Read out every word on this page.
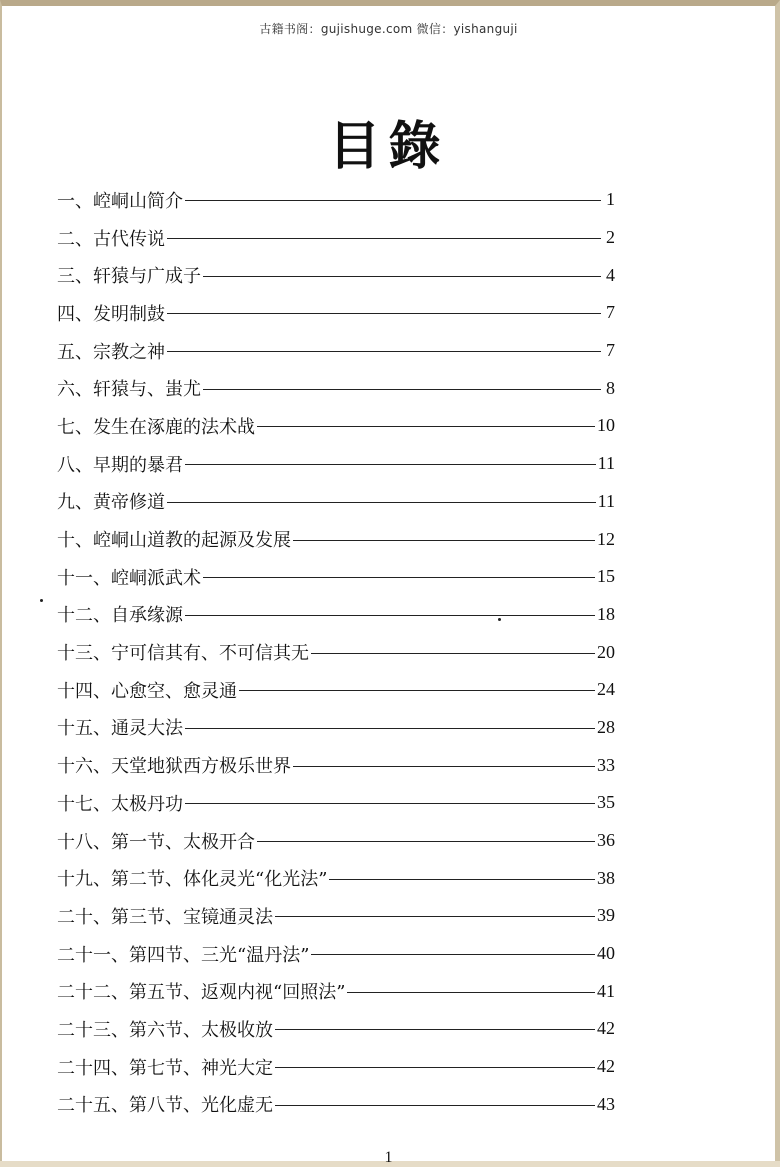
古籍书阁：gujishuge.com 微信：yishanguji
目錄
一、崆峒山简介	1
二、古代传说	2
三、轩猿与广成子	4
四、发明制鼓	7
五、宗教之神	7
六、轩猿与、蚩尤	8
七、发生在涿鹿的法术战	10
八、早期的暴君	11
九、黄帝修道	11
十、崆峒山道教的起源及发展	12
十一、崆峒派武术	15
十二、自承缘源	18
十三、宁可信其有、不可信其无	20
十四、心愈空、愈灵通	24
十五、通灵大法	28
十六、天堂地狱西方极乐世界	33
十七、太极丹功	35
十八、第一节、太极开合	36
十九、第二节、体化灵光“化光法”	38
二十、第三节、宝镜通灵法	39
二十一、第四节、三光“温丹法”	40
二十二、第五节、返观内视“回照法”	41
二十三、第六节、太极收放	42
二十四、第七节、神光大定	42
二十五、第八节、光化虚无	43
1
